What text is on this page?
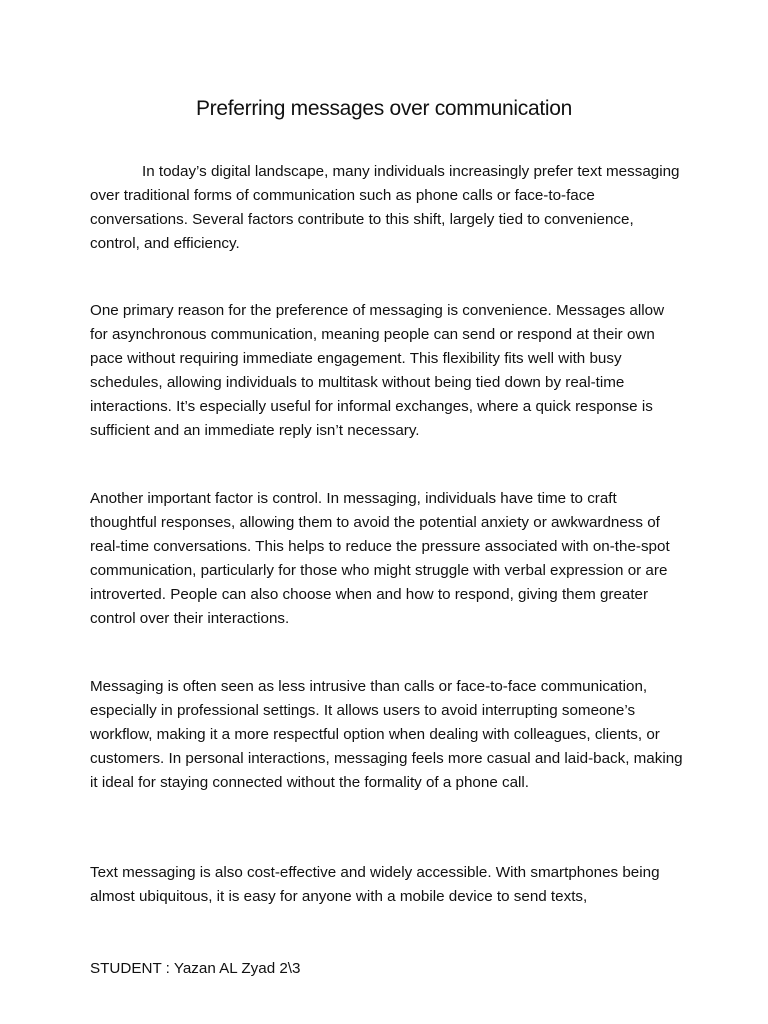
Preferring messages over communication

In today’s digital landscape, many individuals increasingly prefer text messaging over traditional forms of communication such as phone calls or face-to-face conversations. Several factors contribute to this shift, largely tied to convenience, control, and efficiency.

One primary reason for the preference of messaging is convenience. Messages allow for asynchronous communication, meaning people can send or respond at their own pace without requiring immediate engagement. This flexibility fits well with busy schedules, allowing individuals to multitask without being tied down by real-time interactions. It’s especially useful for informal exchanges, where a quick response is sufficient and an immediate reply isn’t necessary.

Another important factor is control. In messaging, individuals have time to craft thoughtful responses, allowing them to avoid the potential anxiety or awkwardness of real-time conversations. This helps to reduce the pressure associated with on-the-spot communication, particularly for those who might struggle with verbal expression or are introverted. People can also choose when and how to respond, giving them greater control over their interactions.

Messaging is often seen as less intrusive than calls or face-to-face communication, especially in professional settings. It allows users to avoid interrupting someone’s workflow, making it a more respectful option when dealing with colleagues, clients, or customers. In personal interactions, messaging feels more casual and laid-back, making it ideal for staying connected without the formality of a phone call.

Text messaging is also cost-effective and widely accessible. With smartphones being almost ubiquitous, it is easy for anyone with a mobile device to send texts,

STUDENT : Yazan AL Zyad 2\3
